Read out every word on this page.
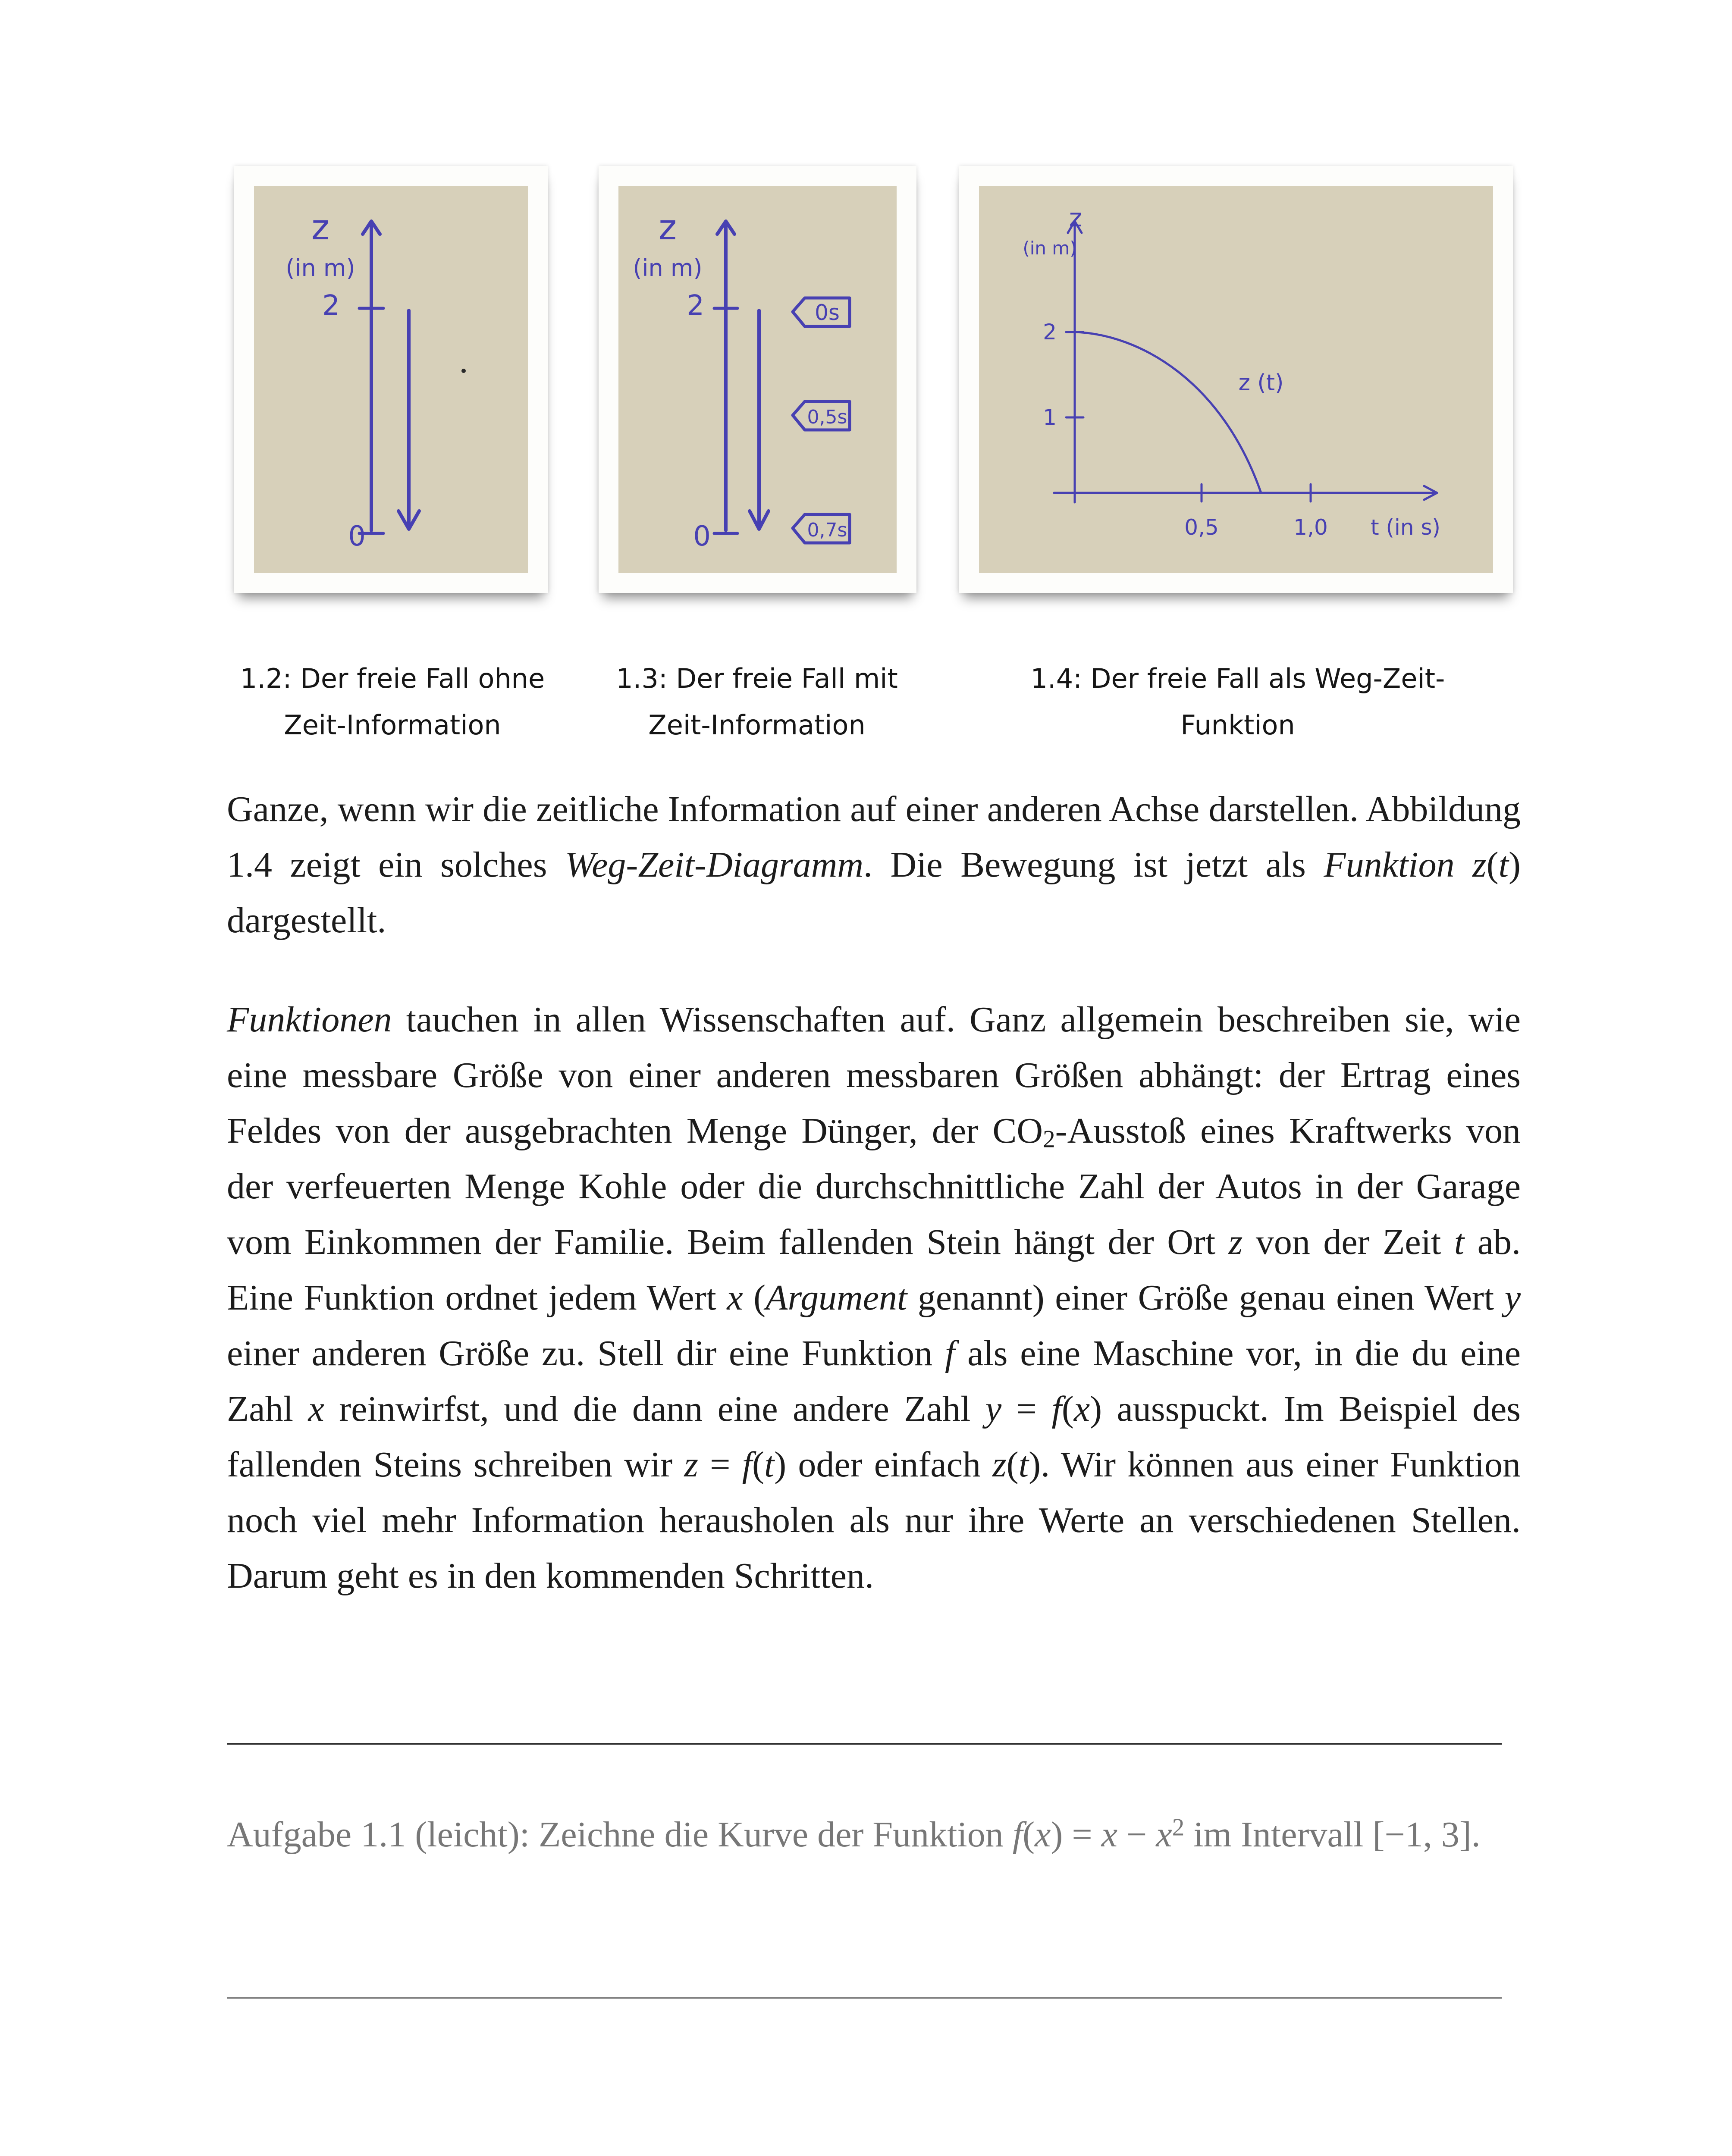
z
(in m)
2
0
z
(in m)
2
0
0s
0,5s
0,7s
z
(in m)
2
1
0,5	1,0 t (in s)
z (t)
1.2: Der freie Fall ohne
Zeit-Information
1.3: Der freie Fall mit
Zeit-Information
1.4: Der freie Fall als Weg-Zeit-
Funktion
Ganze, wenn wir die zeitliche Information auf einer anderen Achse darstellen. Abbildung 1.4 zeigt ein solches Weg-Zeit-Diagramm. Die Bewegung ist jetzt als Funktion z(t) dargestellt.
Funktionen tauchen in allen Wissenschaften auf. Ganz allgemein beschreiben sie, wie eine messbare Größe von einer anderen messbaren Größen abhängt: der Ertrag eines Feldes von der ausgebrachten Menge Dünger, der $CO_2$-Ausstoß eines Kraftwerks von der verfeuerten Menge Kohle oder die durchschnittliche Zahl der Autos in der Garage vom Einkommen der Familie. Beim fallenden Stein hängt der Ort z von der Zeit t ab. Eine Funktion ordnet jedem Wert x (Argument genannt) einer Größe genau einen Wert y einer anderen Größe zu. Stell dir eine Funktion f als eine Maschine vor, in die du eine Zahl x reinwirfst, und die dann eine andere Zahl y = f(x) ausspuckt. Im Beispiel des fallenden Steins schreiben wir z = f(t) oder einfach z(t). Wir können aus einer Funktion noch viel mehr Information herausholen als nur ihre Werte an verschiedenen Stellen. Darum geht es in den kommenden Schritten.
Aufgabe 1.1 (leicht): Zeichne die Kurve der Funktion $f(x) = x - x^2$ im Intervall [−1, 3].
